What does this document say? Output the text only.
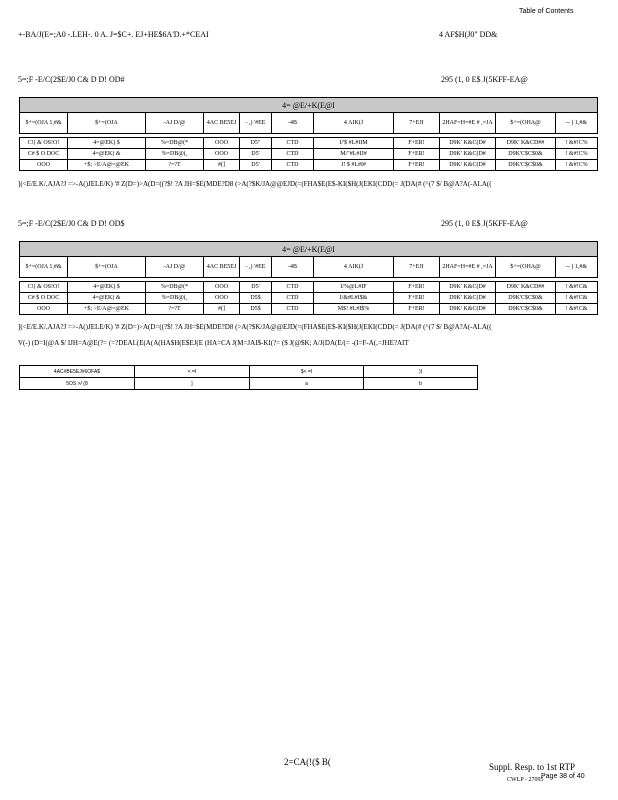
Table of Contents
+-BA/J(E=;A0 -.LEH-. 0 A. J=$C+. EJ+HE$6A'D.+*CEAI	4 AF$H(J0" DD&
5=;F -E/C(2$E/J0 C& D D! OD#	295 (1, 0 E$ J(5KFF-EA@
4= @E/+K(E@I										
$+=(OJA 1,#&	$+=(OJA	-AJ D/@	4AC BE5EJ	- ,) '#EE	-4B	4 AIK(J	7+EJI	2HAF=H=#E # ,=JA	$+=(OHA@	-- ) 1,#&

C!( & OS!O!	4=@EK) $	%=DB@(*	OOO	D5"	CTD	I/'$ #L#IIM	F+ER!	D9K' K&C(D#	D9K' K&CD##	! &#!C%
C# $ O DOC	4=@EK) &	%=DB@(,	OOO	D5'	CTD	M/"#L#IJ#	F+ER!	D9K' K&C(D#	D9K'C$C$0&	! &#!C%
OOO	+$; >E/A@=@EK	?=?T	#(]	D5'	CTD	J! $ #L#I#	F+ER!	D9K' K&C(D#	D9K'C$C$0&	! &#!C%
](<E/E.K/,AJA?J =>-A()JELE/K) '# Z(D=)>A(D=((?$! ?A JH=$E(MDE?D8 (>A(?$K/JA@@EJD(=(FHA$E(E$-KI($H(J(EKI(CDD(= J(DA(# (^(7 $/ B@A?A(-ALA((
5=;F -E/C(2$E/J0 C& D D! OD$	295 (1, 0 E$ J(5KFF-EA@
4= @E/+K(E@I										
$+=(OJA 1,#&	$+=(OJA	-AJ D/@	4AC BE5EJ	- ,) '#EE	-4B	4 AIK(J	7+EJI	2HAF=H=#E # ,=JA	$+=(OHA@	-- ) 1,#&

C!( & OS!O!	4=@EK) $	%=DB@(*	OOO	D5'	CTD	I/%@L#IF	F+ER!	D9K' K&C(D#	D9K' K&CD##	! &#!C&
C# $ O DOC	4=@EK) &	%=DB@(,	OOO	D5$	CTD	I/&#L#I$&	F+ER!	D9K' K&C(D#	D9K'C$C$0&	! &#!C&
OOO	+$; >E/A@=@EK	?=?T	#(]	D5$	CTD	M$! #L#I$%	F+ER!	D9K' K&C(D#	D9K'C$C$0&	! &#!C&
](<E/E.K/,AJA?J =>-A()JELE/K) '# Z(D=)>A(D=((?$! ?A JH=$E(MDE?D8 (>A(?$K/JA@@EJD(=(FHA$E(E$-KI($H(J(EKI(CDD(= J(DA(# (^(7 $/ B@A?A(-ALA((
V(-) (D=I(@A $/ IJH=A@E(?= (=?DEAL(E(A(A(HA$H(E$EJ(E (HA=CA J(M=JAI$-KI(?= ($ J(@$K; A/J(DA(E/(= -(I=F-A(,=JHE?AIT
4AC#BE5EJ#6OFA$	< =I	$< =I	)I
5OS >/ (8	]	a	b
2=CA(!($ B(	Suppl. Resp. to 1st RTP
Page 38 of 40
CWLP - 27095
